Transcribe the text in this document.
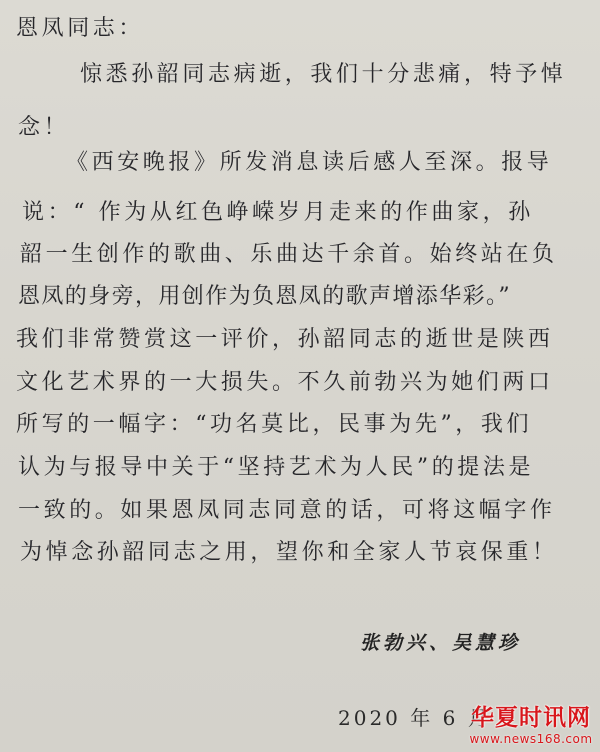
恩凤同志：
惊悉孙韶同志病逝，我们十分悲痛，特予悼
念！
《西安晚报》所发消息读后感人至深。报导
说：“ 作为从红色峥嵘岁月走来的作曲家，孙
韶一生创作的歌曲、乐曲达千余首。始终站在负
恩凤的身旁，用创作为负恩凤的歌声增添华彩。”
我们非常赞赏这一评价，孙韶同志的逝世是陕西
文化艺术界的一大损失。不久前勃兴为她们两口
所写的一幅字：“功名莫比，民事为先”，我们
认为与报导中关于“坚持艺术为人民”的提法是
一致的。如果恩凤同志同意的话，可将这幅字作
为悼念孙韶同志之用，望你和全家人节哀保重！
张勃兴、吴慧珍
2020 年 6 月
华夏时讯网
www.news168.com
